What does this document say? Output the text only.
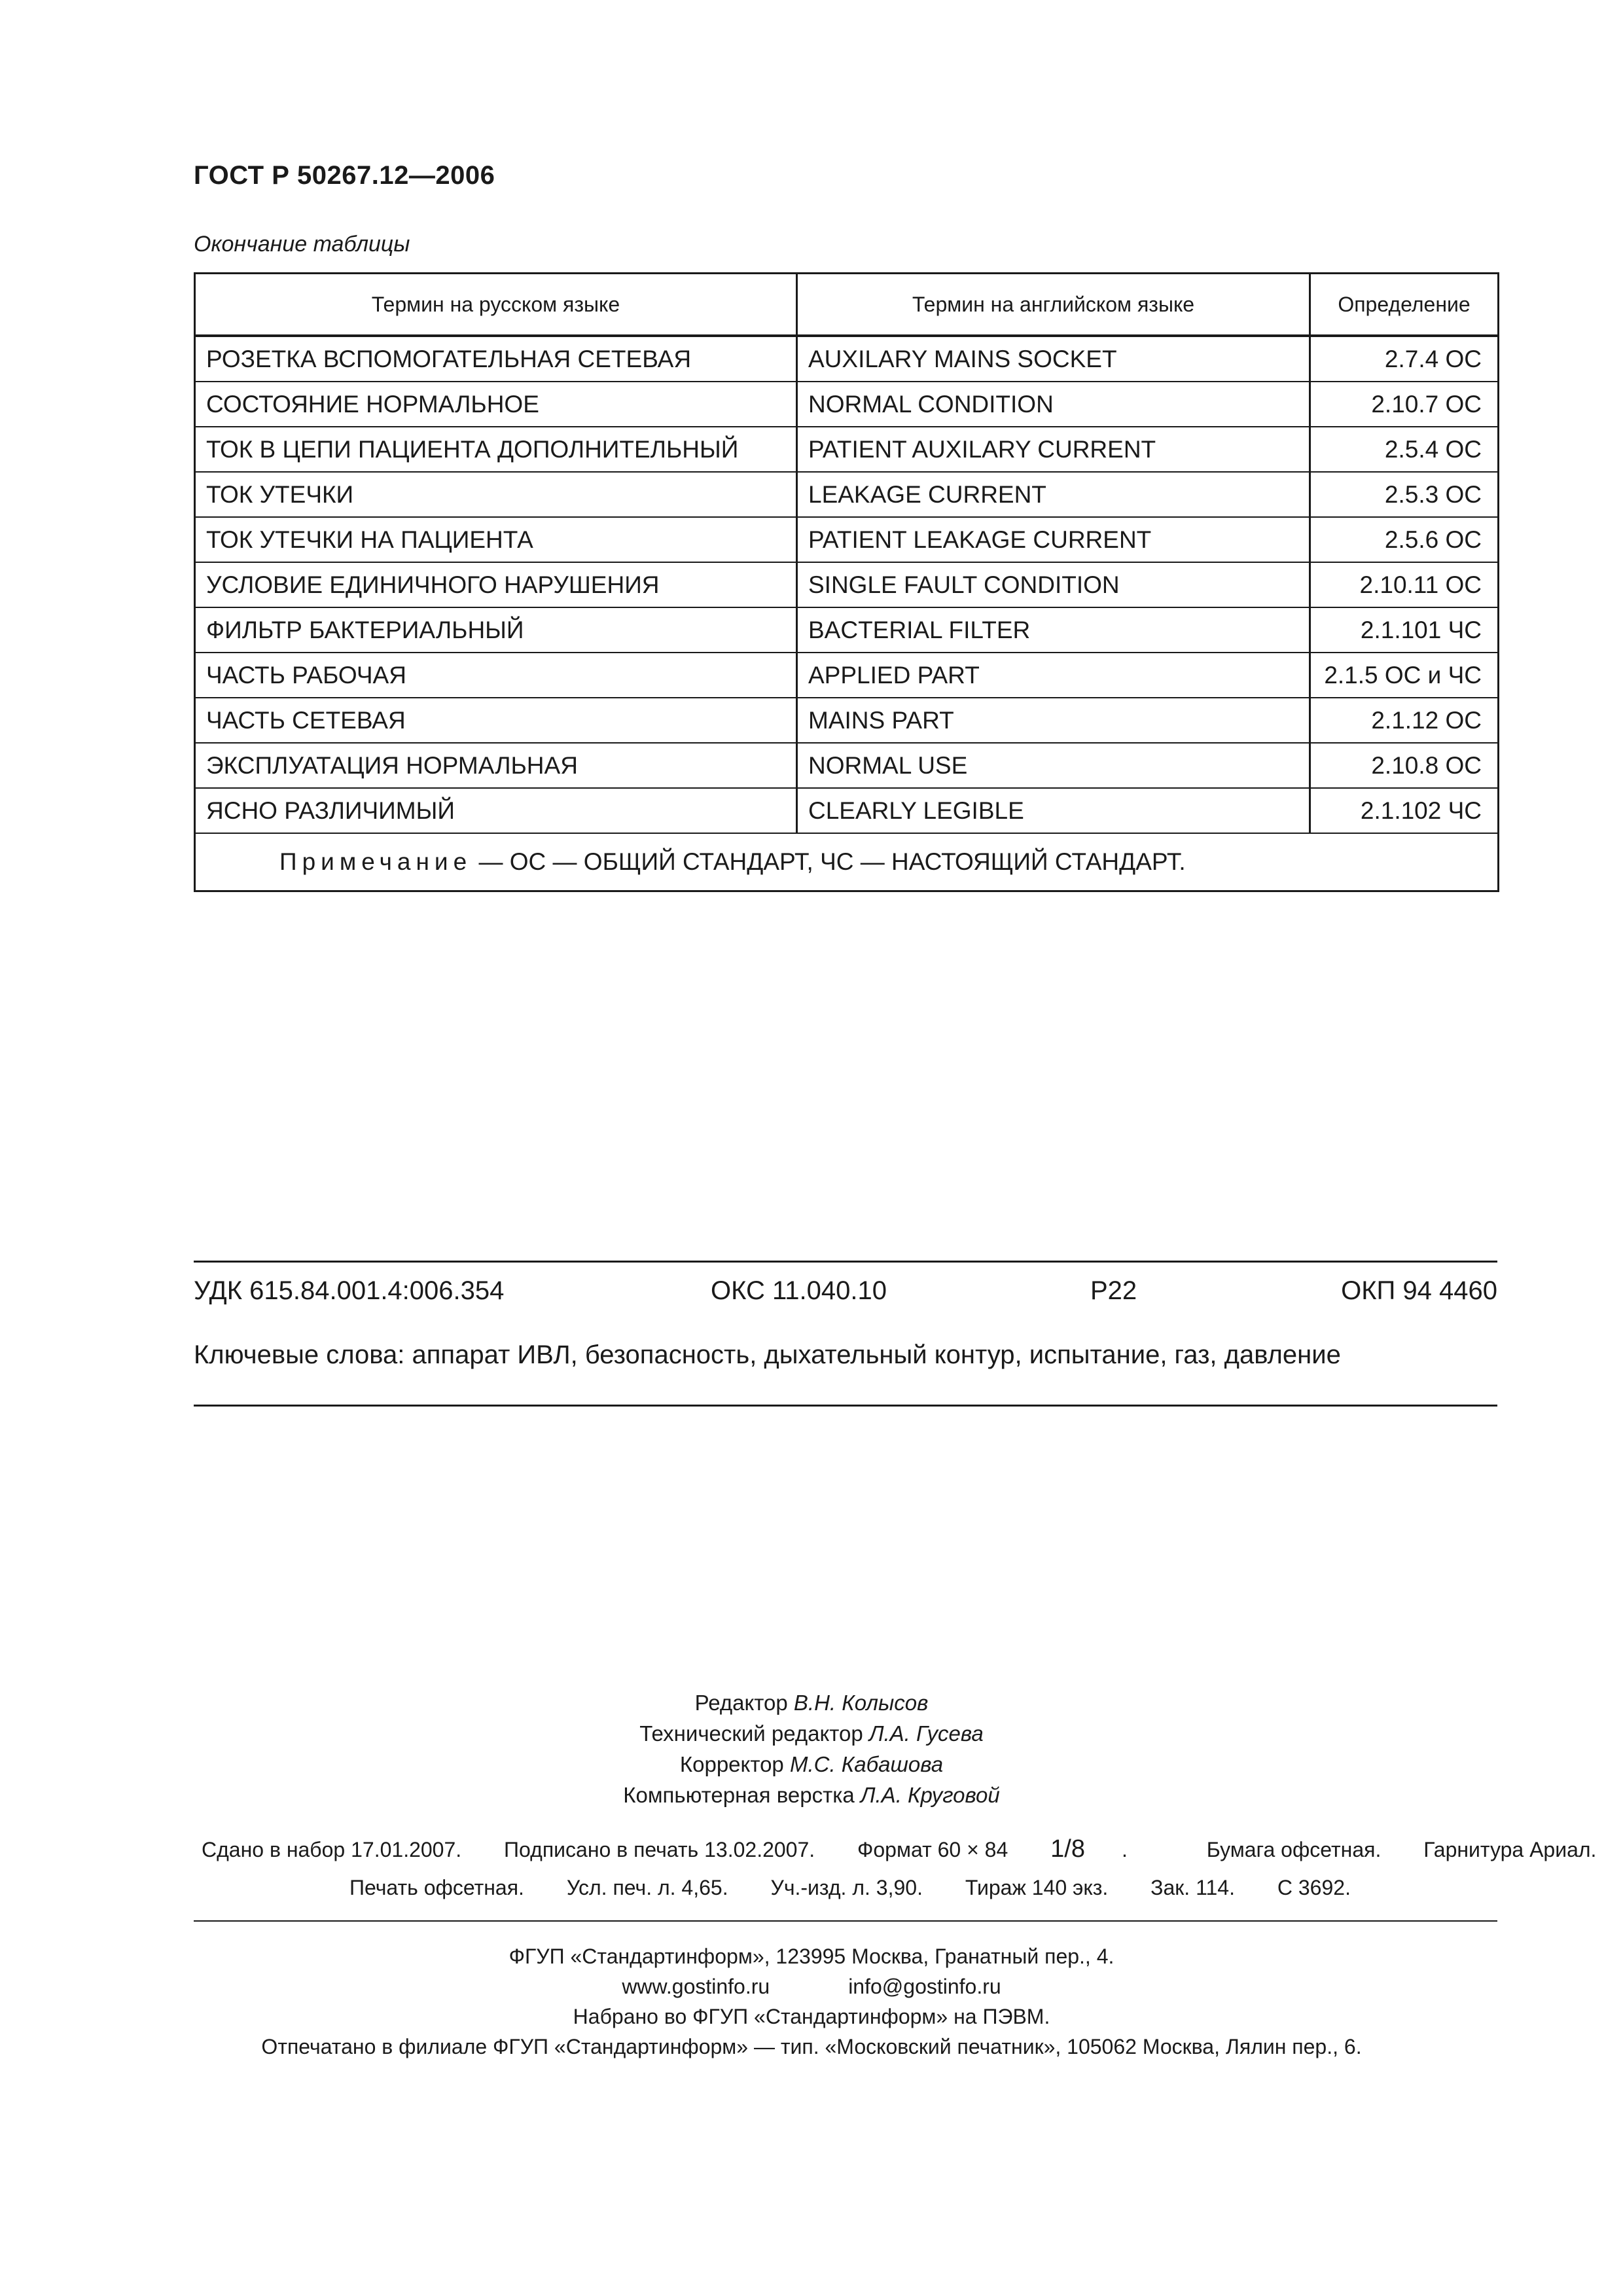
ГОСТ Р 50267.12—2006
Окончание таблицы
Термин на русском языке	Термин на английском языке	Определение
РОЗЕТКА ВСПОМОГАТЕЛЬНАЯ СЕТЕВАЯ	AUXILARY MAINS SOCKET	2.7.4 ОС
СОСТОЯНИЕ НОРМАЛЬНОЕ	NORMAL CONDITION	2.10.7 ОС
ТОК В ЦЕПИ ПАЦИЕНТА ДОПОЛНИТЕЛЬНЫЙ	PATIENT AUXILARY CURRENT	2.5.4 ОС
ТОК УТЕЧКИ	LEAKAGE CURRENT	2.5.3 ОС
ТОК УТЕЧКИ НА ПАЦИЕНТА	PATIENT LEAKAGE CURRENT	2.5.6 ОС
УСЛОВИЕ ЕДИНИЧНОГО НАРУШЕНИЯ	SINGLE FAULT CONDITION	2.10.11 ОС
ФИЛЬТР БАКТЕРИАЛЬНЫЙ	BACTERIAL FILTER	2.1.101 ЧС
ЧАСТЬ РАБОЧАЯ	APPLIED PART	2.1.5 ОС и ЧС
ЧАСТЬ СЕТЕВАЯ	MAINS PART	2.1.12 ОС
ЭКСПЛУАТАЦИЯ НОРМАЛЬНАЯ	NORMAL USE	2.10.8 ОС
ЯСНО РАЗЛИЧИМЫЙ	CLEARLY LEGIBLE	2.1.102 ЧС
Примечание — ОС — ОБЩИЙ СТАНДАРТ, ЧС — НАСТОЯЩИЙ СТАНДАРТ.		
УДК 615.84.001.4:006.354	ОКС 11.040.10	Р22	ОКП 94 4460
Ключевые слова: аппарат ИВЛ, безопасность, дыхательный контур, испытание, газ, давление
Редактор В.Н. Колысов
Технический редактор Л.А. Гусева
Корректор М.С. Кабашова
Компьютерная верстка Л.А. Круговой
Сдано в набор 17.01.2007. Подписано в печать 13.02.2007. Формат 60 × 84 1/8 .	Бумага офсетная. Гарнитура Ариал.
Печать офсетная. Усл. печ. л. 4,65. Уч.-изд. л. 3,90. Тираж 140 экз. Зак. 114. С 3692.
ФГУП «Стандартинформ», 123995 Москва, Гранатный пер., 4.
www.gostinfo.ru	info@gostinfo.ru
Набрано во ФГУП «Стандартинформ» на ПЭВМ.
Отпечатано в филиале ФГУП «Стандартинформ» — тип. «Московский печатник», 105062 Москва, Лялин пер., 6.
